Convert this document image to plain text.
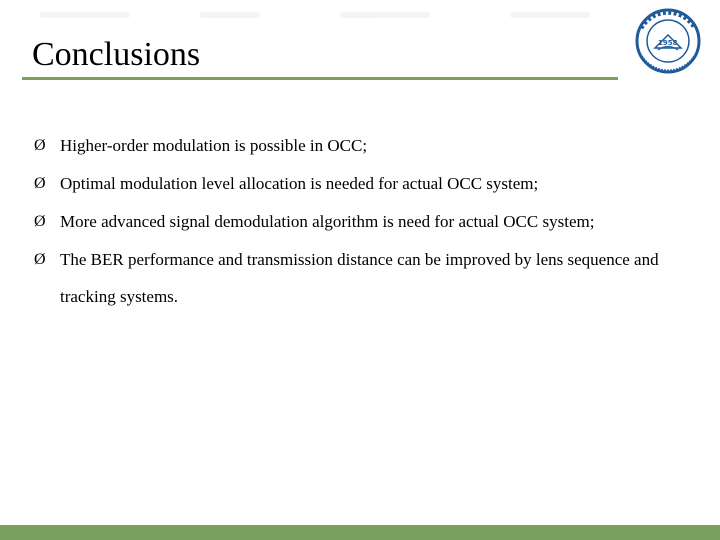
Conclusions	1958
Ø Higher-order modulation is possible in OCC;
Ø Optimal modulation level allocation is needed for actual OCC system;
Ø More advanced signal demodulation algorithm is need for actual OCC system;
Ø The BER performance and transmission distance can be improved by lens sequence and tracking systems.
